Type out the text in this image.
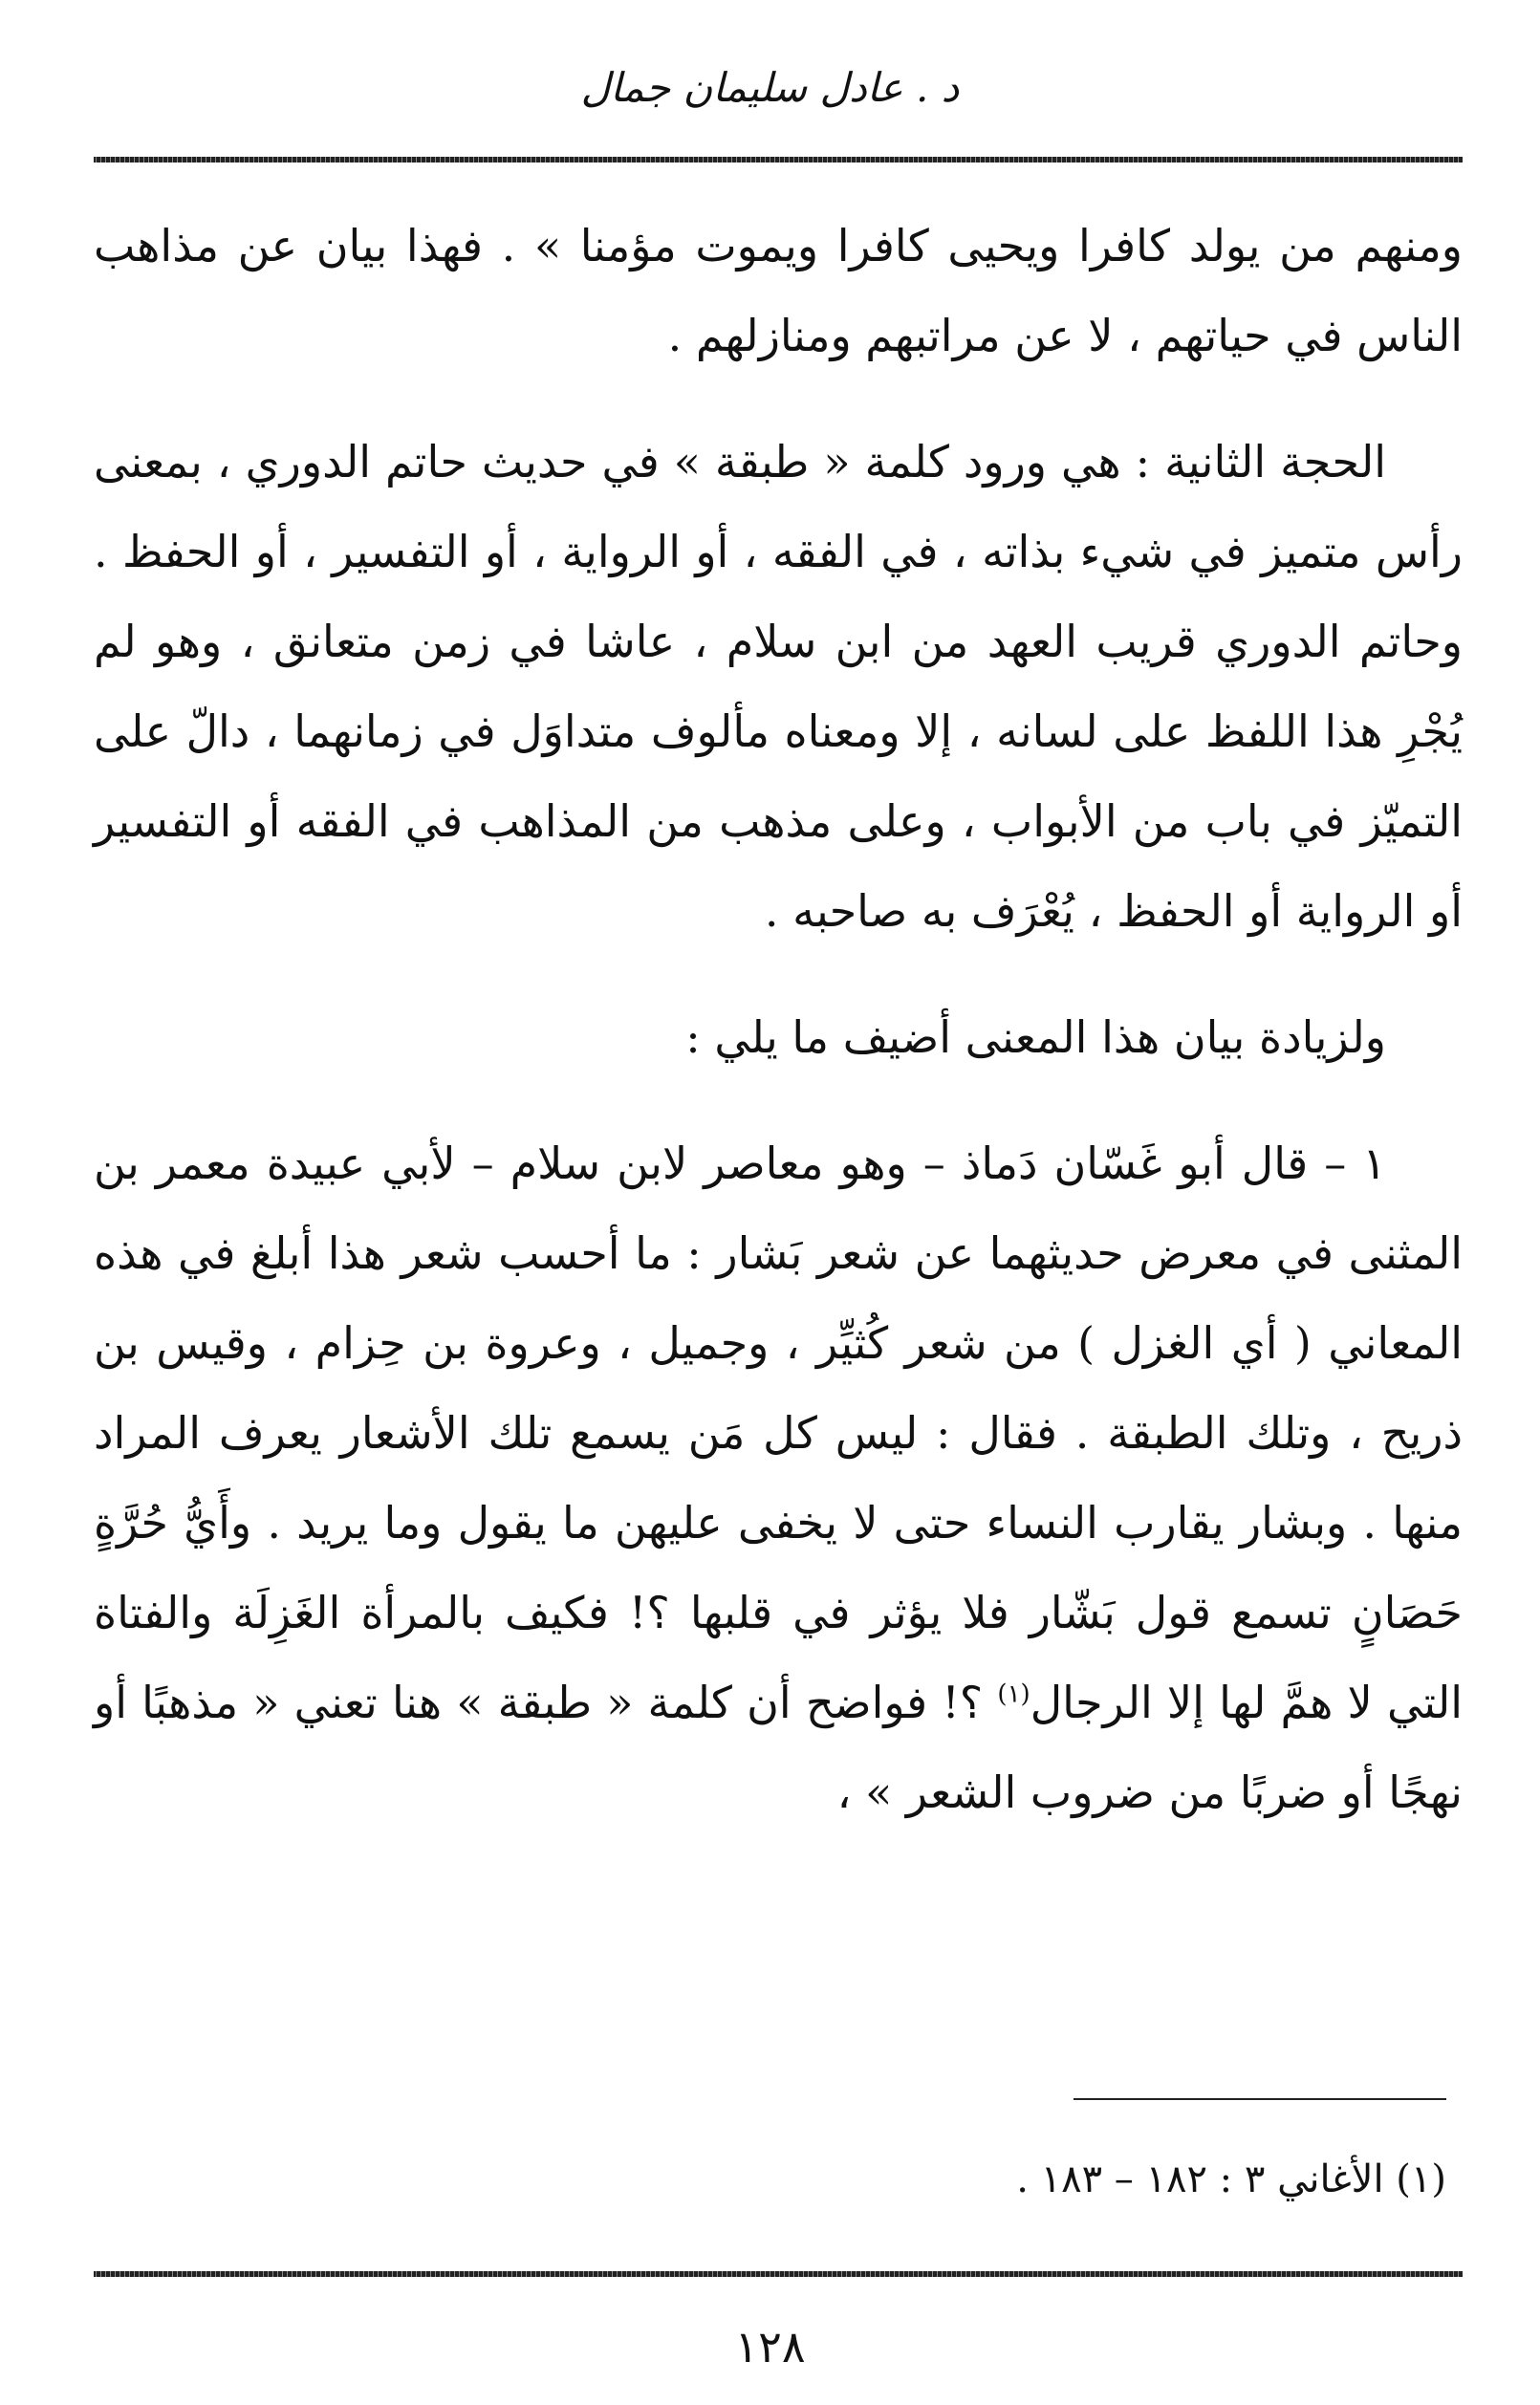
د . عادل سليمان جمال

ومنهم من يولد كافرا ويحيى كافرا ويموت مؤمنا » . فهذا بيان عن مذاهب الناس في حياتهم ، لا عن مراتبهم ومنازلهم .

الحجة الثانية : هي ورود كلمة « طبقة » في حديث حاتم الدوري ، بمعنى رأس متميز في شيء بذاته ، في الفقه ، أو الرواية ، أو التفسير ، أو الحفظ . وحاتم الدوري قريب العهد من ابن سلام ، عاشا في زمن متعانق ، وهو لم يُجْرِ هذا اللفظ على لسانه ، إلا ومعناه مألوف متداوَل في زمانهما ، دالّ على التميّز في باب من الأبواب ، وعلى مذهب من المذاهب في الفقه أو التفسير أو الرواية أو الحفظ ، يُعْرَف به صاحبه .

ولزيادة بيان هذا المعنى أضيف ما يلي :

١ – قال أبو غَسّان دَماذ – وهو معاصر لابن سلام – لأبي عبيدة معمر بن المثنى في معرض حديثهما عن شعر بَشار : ما أحسب شعر هذا أبلغ في هذه المعاني ( أي الغزل ) من شعر كُثيِّر ، وجميل ، وعروة بن حِزام ، وقيس بن ذريح ، وتلك الطبقة . فقال : ليس كل مَن يسمع تلك الأشعار يعرف المراد منها . وبشار يقارب النساء حتى لا يخفى عليهن ما يقول وما يريد . وأَيُّ حُرَّةٍ حَصَانٍ تسمع قول بَشّار فلا يؤثر في قلبها ؟! فكيف بالمرأة الغَزِلَة والفتاة التي لا همَّ لها إلا الرجال$^{(١)}$ ؟! فواضح أن كلمة « طبقة » هنا تعني « مذهبًا أو نهجًا أو ضربًا من ضروب الشعر » ،

(١) الأغاني ٣ : ١٨٢ – ١٨٣ .
١٢٨
